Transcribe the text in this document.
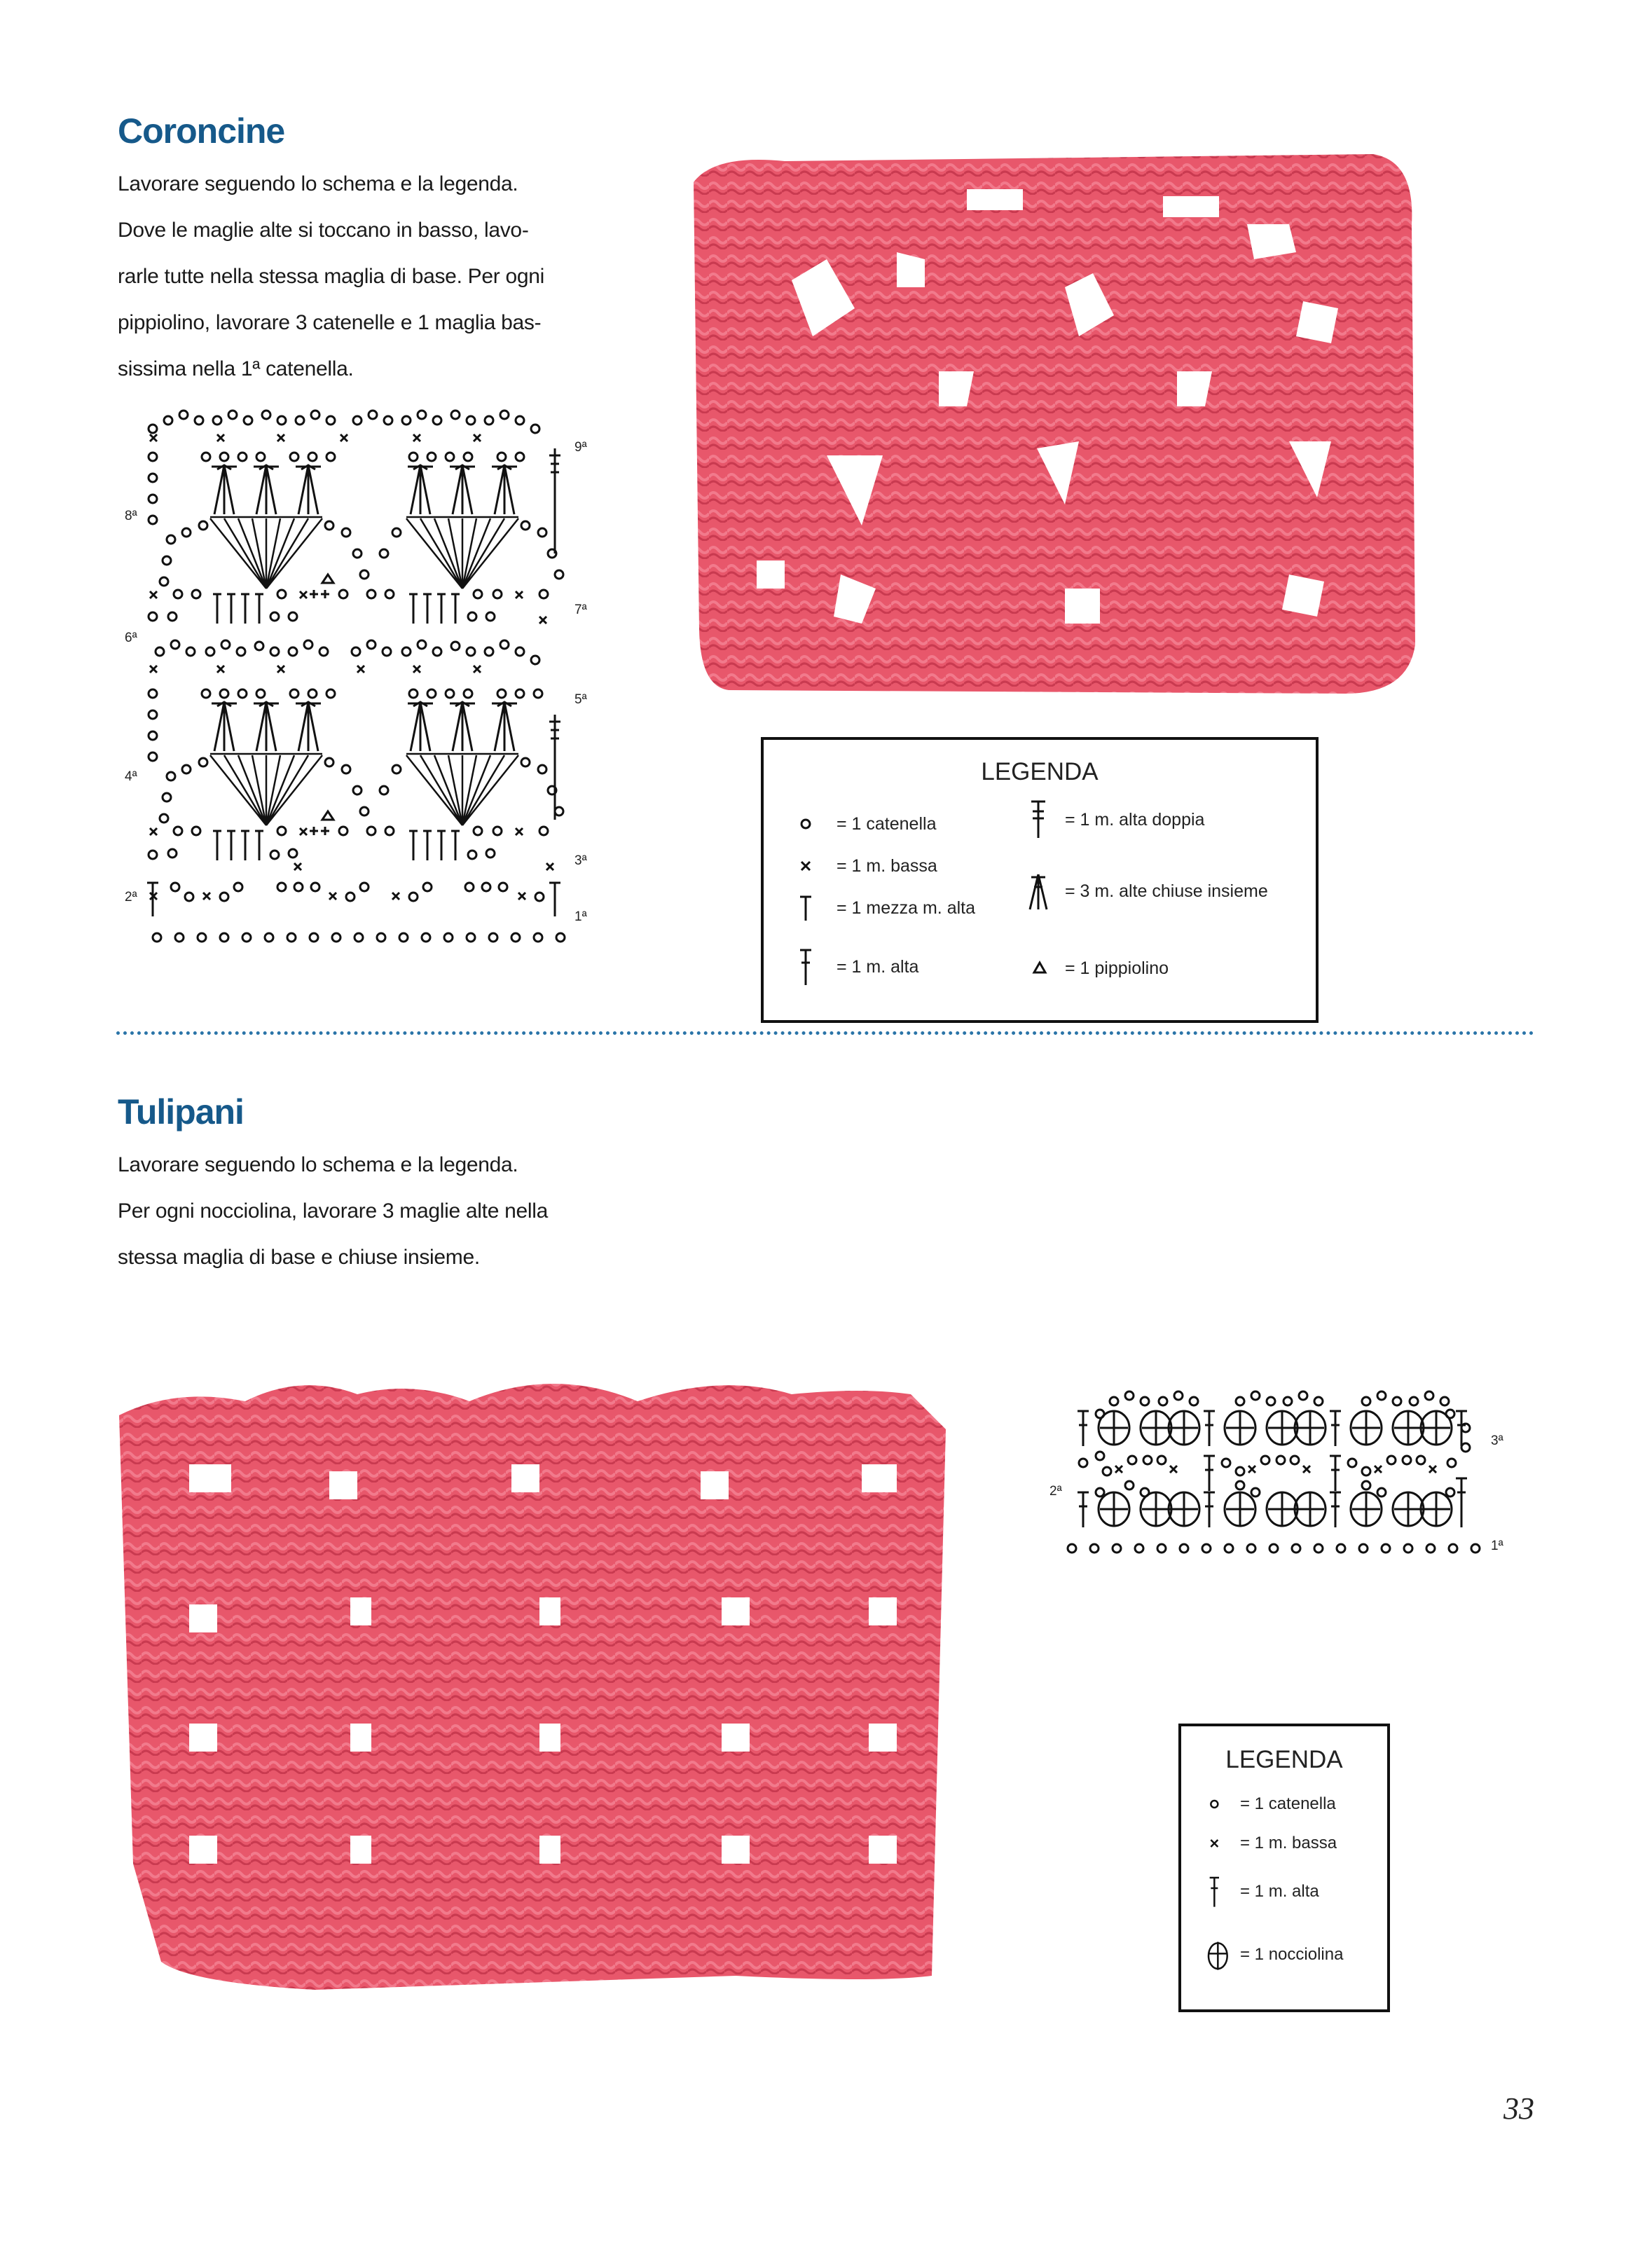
Coroncine

Lavorare seguendo lo schema e la legenda.

Dove le maglie alte si toccano in basso, lavo-

rarle tutte nella stessa maglia di base. Per ogni

pippiolino, lavorare 3 catenelle e 1 maglia bas-

sissima nella 1ª catenella.

9ª
8ª
7ª
6ª
5ª
4ª
3ª
2ª
1ª
LEGENDA
= 1 catenella
= 1 m. bassa
= 1 mezza m. alta
= 1 m. alta
= 1 m. alta doppia
= 3 m. alte chiuse insieme
= 1 pippiolino
Tulipani

Lavorare seguendo lo schema e la legenda.

Per ogni nocciolina, lavorare 3 maglie alte nella

stessa maglia di base e chiuse insieme.

3ª
2ª
1ª
LEGENDA
= 1 catenella
= 1 m. bassa
= 1 m. alta
= 1 nocciolina
33
